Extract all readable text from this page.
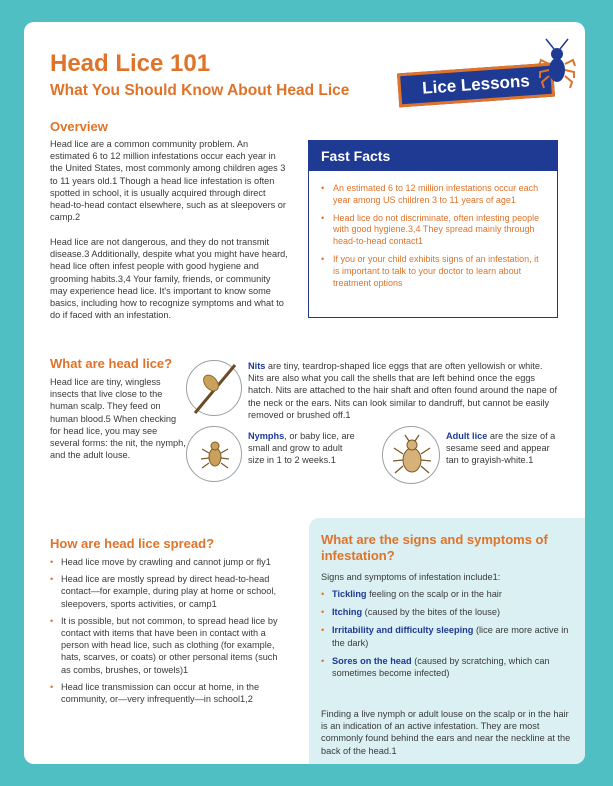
Head Lice 101
What You Should Know About Head Lice	Lice Lessons
Overview
Head lice are a common community problem. An estimated 6 to 12 million infestations occur each year in the United States, most commonly among children ages 3 to 11 years old.1 Though a head lice infestation is often spotted in school, it is usually acquired through direct head-to-head contact elsewhere, such as at sleepovers or camp.2
Head lice are not dangerous, and they do not transmit disease.3 Additionally, despite what you might have heard, head lice often infest people with good hygiene and grooming habits.3,4 Your family, friends, or community may experience head lice. It's important to know some basics, including how to recognize symptoms and what to do if faced with an infestation.
Fast Facts
• An estimated 6 to 12 million infestations occur each year among US children 3 to 11 years of age1
• Head lice do not discriminate, often infesting people with good hygiene.3,4 They spread mainly through head-to-head contact1
• If you or your child exhibits signs of an infestation, it is important to talk to your doctor to learn about treatment options
What are head lice?
Head lice are tiny, wingless insects that live close to the human scalp. They feed on human blood.5 When checking for head lice, you may see several forms: the nit, the nymph, and the adult louse.
Nits are tiny, teardrop-shaped lice eggs that are often yellowish or white. Nits are also what you call the shells that are left behind once the eggs hatch. Nits are attached to the hair shaft and often found around the nape of the neck or the ears. Nits can look similar to dandruff, but cannot be easily removed or brushed off.1
Nymphs, or baby lice, are small and grow to adult size in 1 to 2 weeks.1
Adult lice are the size of a sesame seed and appear tan to grayish-white.1
How are head lice spread?
• Head lice move by crawling and cannot jump or fly1
• Head lice are mostly spread by direct head-to-head contact—for example, during play at home or school, sleepovers, sports activities, or camp1
• It is possible, but not common, to spread head lice by contact with items that have been in contact with a person with head lice, such as clothing (for example, hats, scarves, or coats) or other personal items (such as combs, brushes, or towels)1
• Head lice transmission can occur at home, in the community, or—very infrequently—in school1,2
What are the signs and symptoms of infestation?
Signs and symptoms of infestation include1:
• Tickling feeling on the scalp or in the hair
• Itching (caused by the bites of the louse)
• Irritability and difficulty sleeping (lice are more active in the dark)
• Sores on the head (caused by scratching, which can sometimes become infected)
Finding a live nymph or adult louse on the scalp or in the hair is an indication of an active infestation. They are most commonly found behind the ears and near the neckline at the back of the head.1
